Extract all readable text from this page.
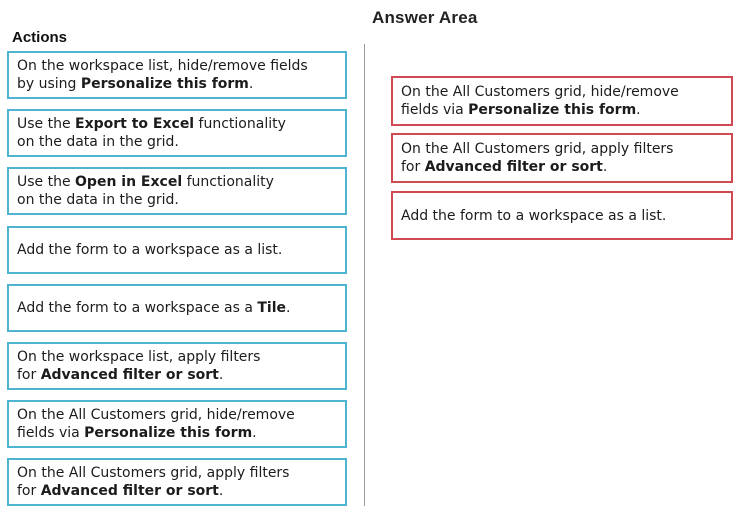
Answer Area
Actions
On the workspace list, hide/remove fields
by using Personalize this form.
Use the Export to Excel functionality
on the data in the grid.
Use the Open in Excel functionality
on the data in the grid.
Add the form to a workspace as a list.
Add the form to a workspace as a Tile.
On the workspace list, apply filters
for Advanced filter or sort.
On the All Customers grid, hide/remove
fields via Personalize this form.
On the All Customers grid, apply filters
for Advanced filter or sort.
On the All Customers grid, hide/remove
fields via Personalize this form.
On the All Customers grid, apply filters
for Advanced filter or sort.
Add the form to a workspace as a list.
